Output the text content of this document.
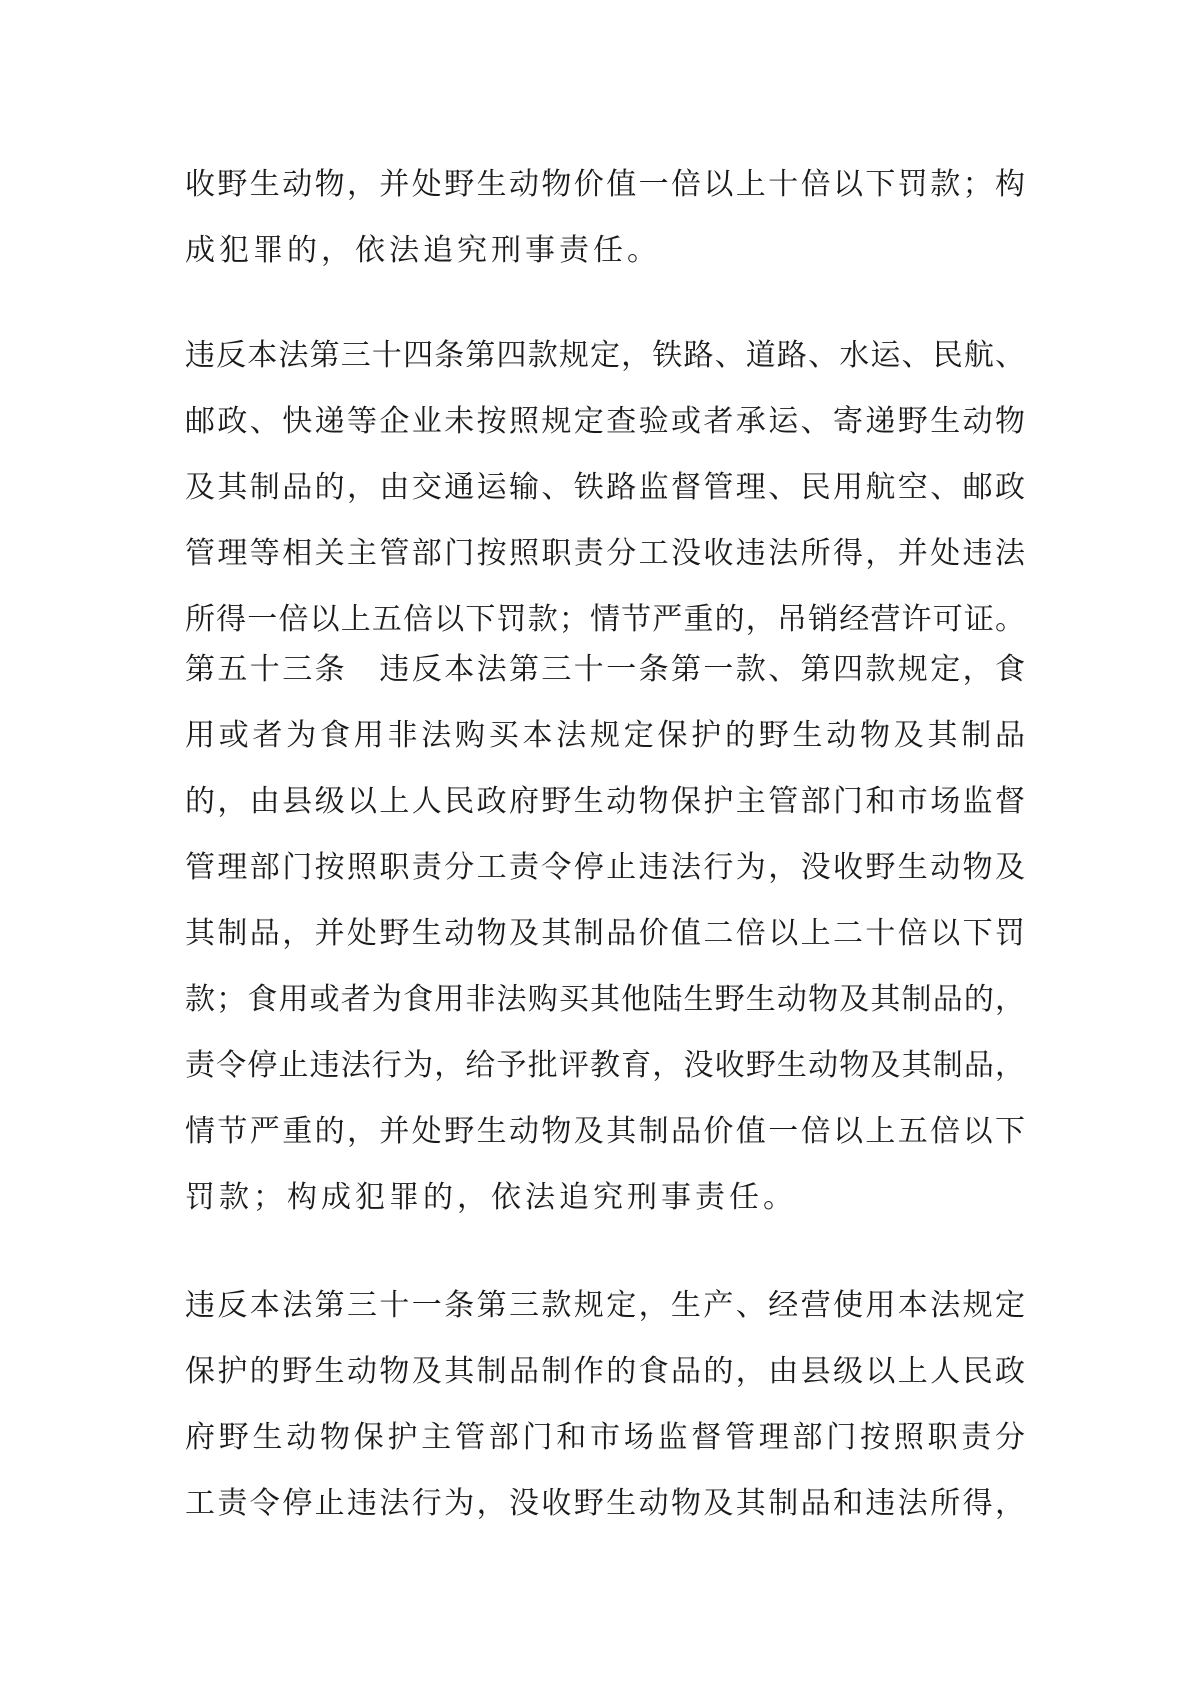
收野生动物，并处野生动物价值一倍以上十倍以下罚款；构
成犯罪的，依法追究刑事责任。
违反本法第三十四条第四款规定，铁路、道路、水运、民航、
邮政、快递等企业未按照规定查验或者承运、寄递野生动物
及其制品的，由交通运输、铁路监督管理、民用航空、邮政
管理等相关主管部门按照职责分工没收违法所得，并处违法
所得一倍以上五倍以下罚款；情节严重的，吊销经营许可证。
第五十三条　违反本法第三十一条第一款、第四款规定，食
用或者为食用非法购买本法规定保护的野生动物及其制品
的，由县级以上人民政府野生动物保护主管部门和市场监督
管理部门按照职责分工责令停止违法行为，没收野生动物及
其制品，并处野生动物及其制品价值二倍以上二十倍以下罚
款；食用或者为食用非法购买其他陆生野生动物及其制品的，
责令停止违法行为，给予批评教育，没收野生动物及其制品，
情节严重的，并处野生动物及其制品价值一倍以上五倍以下
罚款；构成犯罪的，依法追究刑事责任。
违反本法第三十一条第三款规定，生产、经营使用本法规定
保护的野生动物及其制品制作的食品的，由县级以上人民政
府野生动物保护主管部门和市场监督管理部门按照职责分
工责令停止违法行为，没收野生动物及其制品和违法所得，
